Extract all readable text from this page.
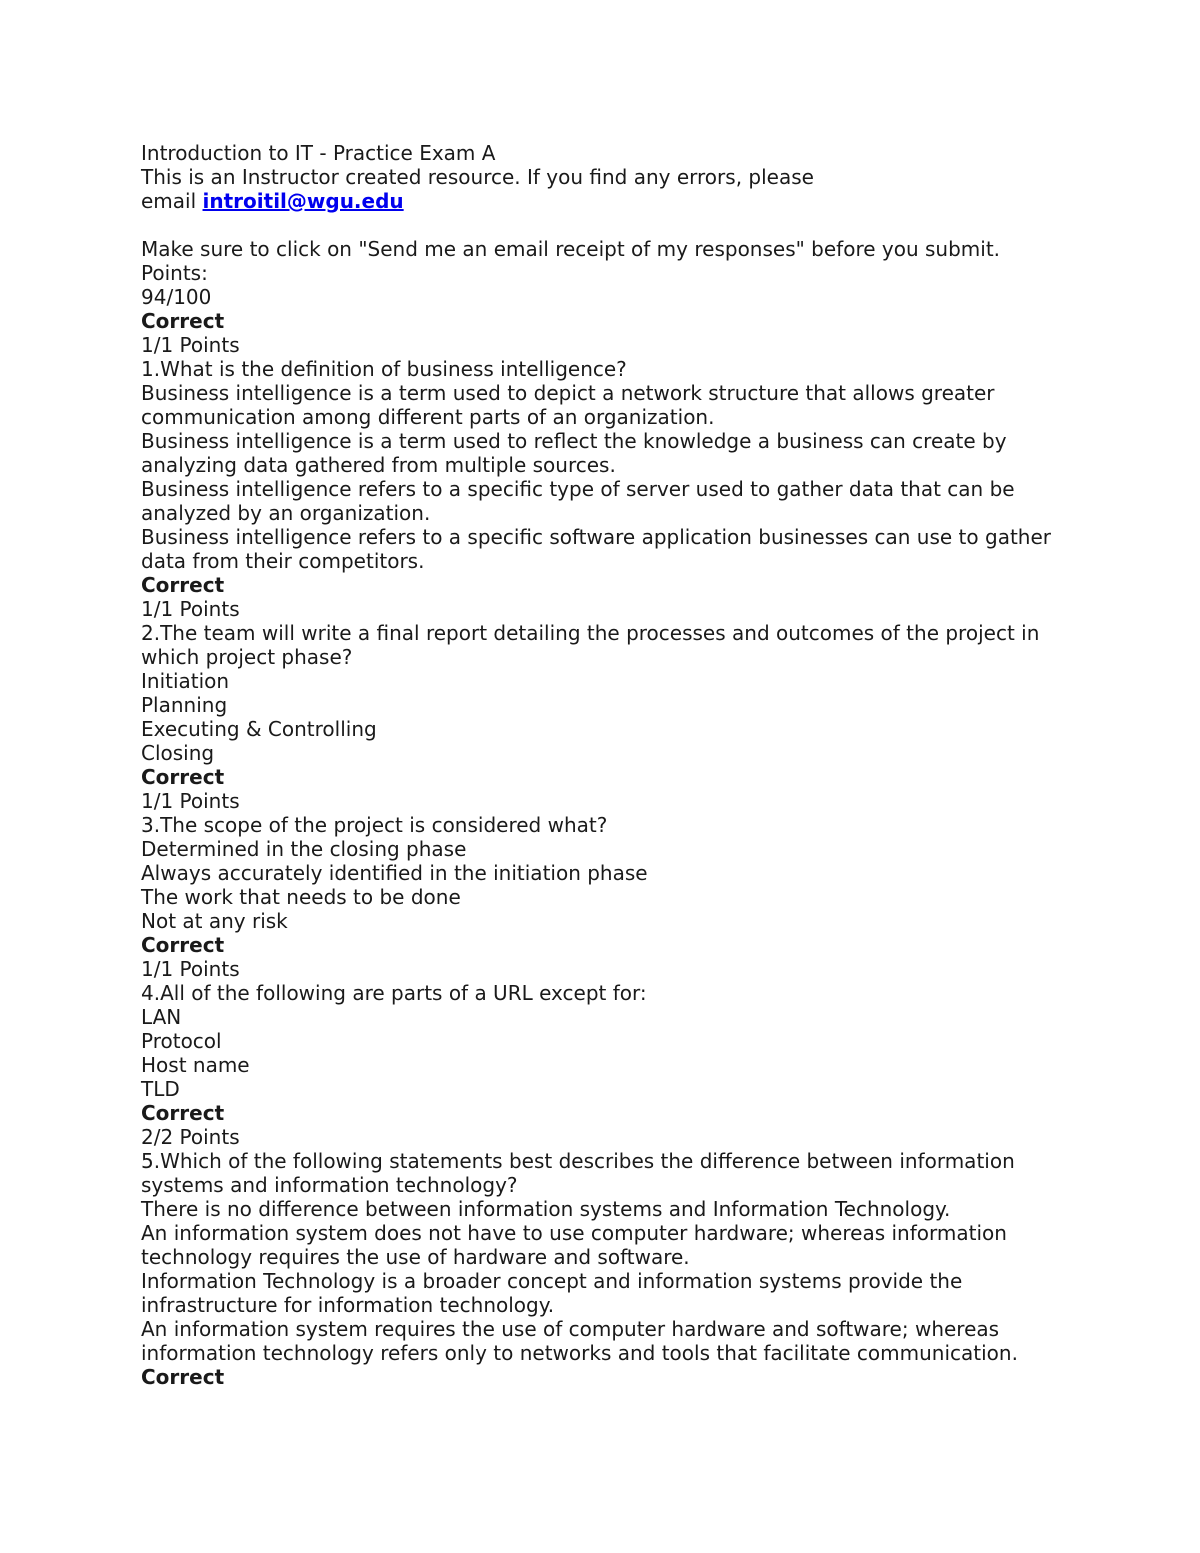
Introduction to IT - Practice Exam A

This is an Instructor created resource. If you find any errors, please

email introitil@wgu.edu

Make sure to click on "Send me an email receipt of my responses" before you submit.

Points:

94/100

Correct

1/1 Points

1.What is the definition of business intelligence?

Business intelligence is a term used to depict a network structure that allows greater communication among different parts of an organization.

Business intelligence is a term used to reflect the knowledge a business can create by analyzing data gathered from multiple sources.

Business intelligence refers to a specific type of server used to gather data that can be analyzed by an organization.

Business intelligence refers to a specific software application businesses can use to gather data from their competitors.

Correct

1/1 Points

2.The team will write a final report detailing the processes and outcomes of the project in which project phase?

Initiation

Planning

Executing & Controlling

Closing

Correct

1/1 Points

3.The scope of the project is considered what?

Determined in the closing phase

Always accurately identified in the initiation phase

The work that needs to be done

Not at any risk

Correct

1/1 Points

4.All of the following are parts of a URL except for:

LAN

Protocol

Host name

TLD

Correct

2/2 Points

5.Which of the following statements best describes the difference between information systems and information technology?

There is no difference between information systems and Information Technology.

An information system does not have to use computer hardware; whereas information technology requires the use of hardware and software.

Information Technology is a broader concept and information systems provide the infrastructure for information technology.

An information system requires the use of computer hardware and software; whereas information technology refers only to networks and tools that facilitate communication.

Correct
